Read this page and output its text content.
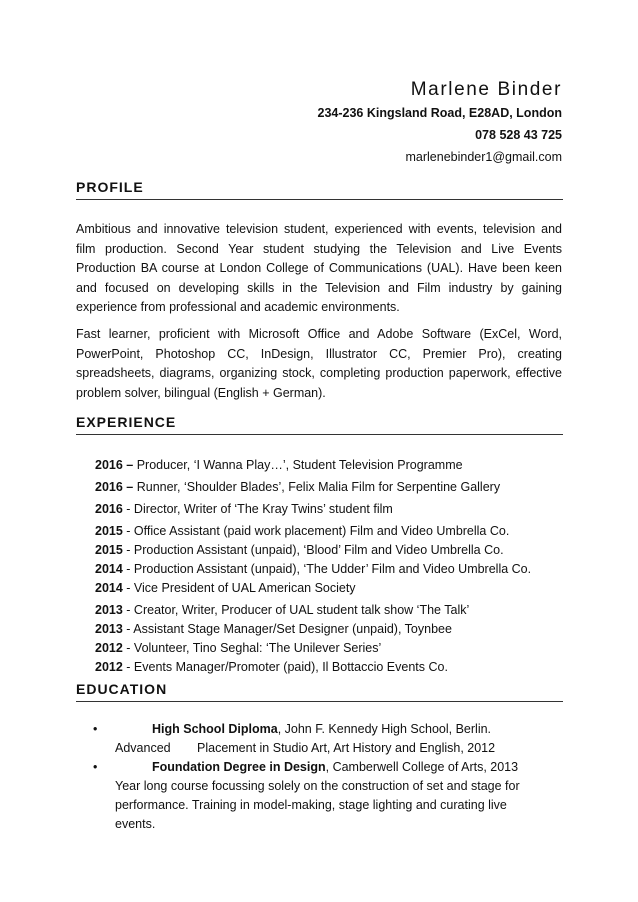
Marlene Binder
234-236 Kingsland Road, E28AD, London
078 528 43 725
marlenebinder1@gmail.com
PROFILE
Ambitious and innovative television student, experienced with events, television and film production. Second Year student studying the Television and Live Events Production BA course at London College of Communications (UAL). Have been keen and focused on developing skills in the Television and Film industry by gaining experience from professional and academic environments.
Fast learner, proficient with Microsoft Office and Adobe Software (ExCel, Word, PowerPoint, Photoshop CC, InDesign, Illustrator CC, Premier Pro), creating spreadsheets, diagrams, organizing stock, completing production paperwork, effective problem solver, bilingual (English + German).
EXPERIENCE
2016 – Producer, ‘I Wanna Play…’, Student Television Programme
2016 – Runner, ‘Shoulder Blades’, Felix Malia Film for Serpentine Gallery
2016 - Director, Writer of ‘The Kray Twins’ student film
2015 - Office Assistant (paid work placement) Film and Video Umbrella Co.
2015 - Production Assistant (unpaid), ‘Blood’ Film and Video Umbrella Co.
2014 - Production Assistant (unpaid), ‘The Udder’ Film and Video Umbrella Co.
2014 - Vice President of UAL American Society
2013 - Creator, Writer, Producer of UAL student talk show ‘The Talk’
2013 - Assistant Stage Manager/Set Designer (unpaid), Toynbee
2012 - Volunteer, Tino Seghal: ‘The Unilever Series’
2012 - Events Manager/Promoter (paid), Il Bottaccio Events Co.
EDUCATION
•	High School Diploma, John F. Kennedy High School, Berlin.
Advanced Placement in Studio Art, Art History and English, 2012
•	Foundation Degree in Design, Camberwell College of Arts, 2013
Year long course focussing solely on the construction of set and stage for
performance. Training in model-making, stage lighting and curating live
events.
